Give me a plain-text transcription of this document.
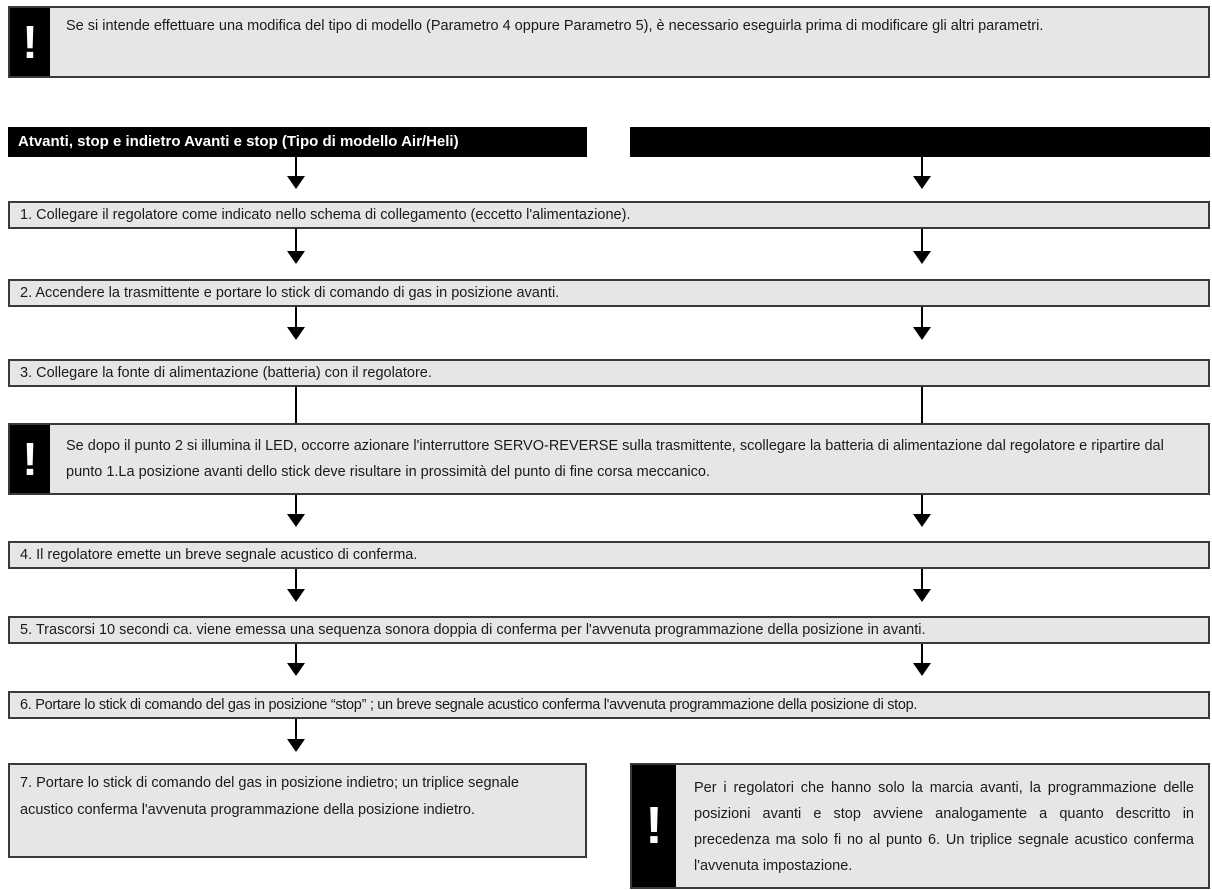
!	Se si intende effettuare una modifica del tipo di modello (Parametro 4 oppure Parametro 5), è necessario eseguirla prima di modificare gli altri parametri.
Atvanti, stop e indietro Avanti e stop (Tipo di modello Air/Heli)
1. Collegare il regolatore come indicato nello schema di collegamento (eccetto l'alimentazione).
2. Accendere la trasmittente e portare lo stick di comando di gas in posizione avanti.
3. Collegare la fonte di alimentazione (batteria) con il regolatore.
!	Se dopo il punto 2 si illumina il LED, occorre azionare l'interruttore SERVO-REVERSE sulla trasmittente, scollegare la batteria di alimentazione dal regolatore e ripartire dal punto 1.La posizione avanti dello stick deve risultare in prossimità del punto di fine corsa meccanico.
4. Il regolatore emette un breve segnale acustico di conferma.
5. Trascorsi 10 secondi ca. viene emessa una sequenza sonora doppia di conferma per l'avvenuta programmazione della posizione in avanti.
6. Portare lo stick di comando del gas in posizione “stop” ; un breve segnale acustico conferma l'avvenuta programmazione della posizione di stop.
7. Portare lo stick di comando del gas in posizione indietro; un triplice segnale acustico conferma l'avvenuta programmazione della posizione indietro.	!
Per i regolatori che hanno solo la marcia avanti, la programmazione delle posizioni avanti e stop avviene analogamente a quanto descritto in precedenza ma solo fi no al punto 6. Un triplice segnale acustico conferma l'avvenuta impostazione.
